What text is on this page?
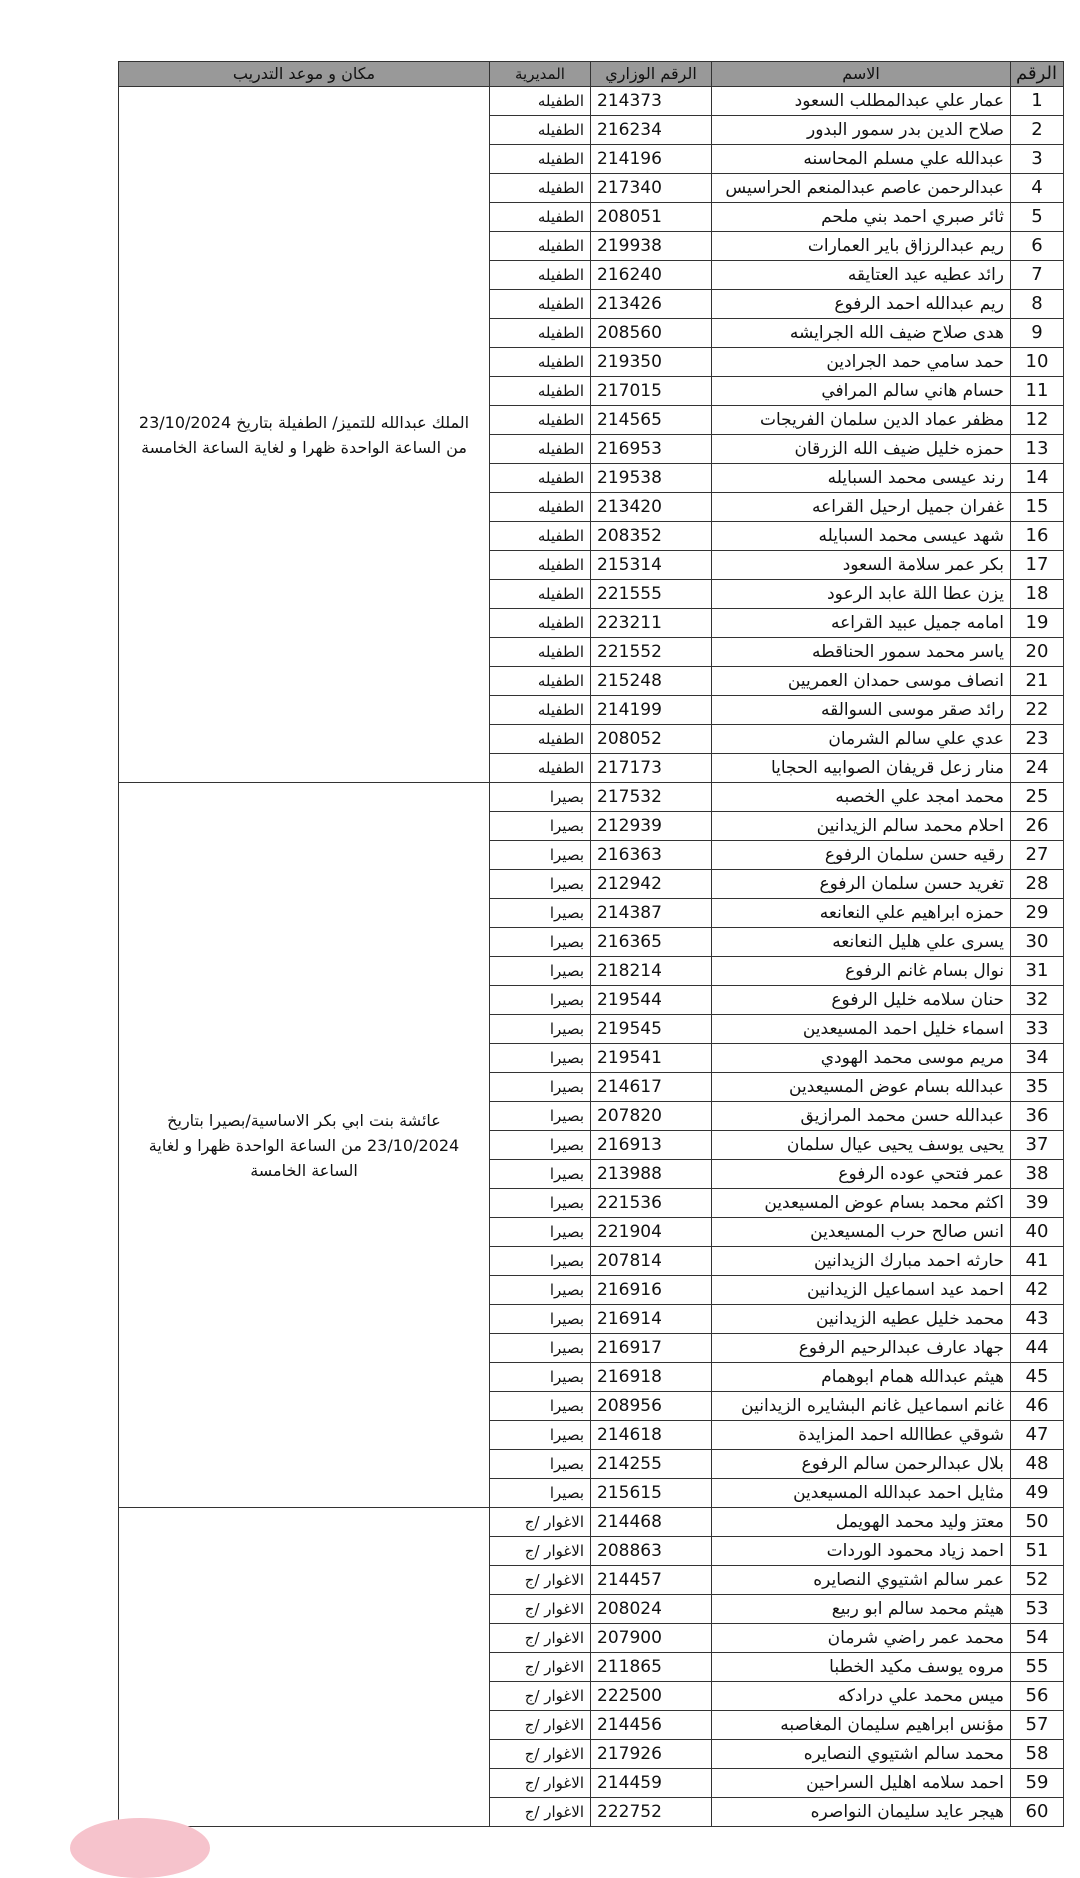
الرقم	الاسم	الرقم الوزاري	المديرية	مكان و موعد التدريب
1	عمار علي عبدالمطلب السعود	214373	الطفيله	الملك عبدالله للتميز/ الطفيلة بتاريخ 23/10/2024 من الساعة الواحدة ظهرا و لغاية الساعة الخامسة
2	صلاح الدين بدر سمور البدور	216234	الطفيله	
3	عبدالله علي مسلم المحاسنه	214196	الطفيله	
4	عبدالرحمن عاصم عبدالمنعم الحراسيس	217340	الطفيله	
5	ثائر صبري احمد بني ملحم	208051	الطفيله	
6	ريم عبدالرزاق باير العمارات	219938	الطفيله	
7	رائد عطيه عيد العتايقه	216240	الطفيله	
8	ريم عبدالله احمد الرفوع	213426	الطفيله	
9	هدى صلاح ضيف الله الجرايشه	208560	الطفيله	
10	حمد سامي حمد الجرادين	219350	الطفيله	
11	حسام هاني سالم المرافي	217015	الطفيله	
12	مظفر عماد الدين سلمان الفريجات	214565	الطفيله	
13	حمزه خليل ضيف الله الزرقان	216953	الطفيله	
14	رند عيسى محمد السبايله	219538	الطفيله	
15	غفران جميل ارحيل القراعه	213420	الطفيله	
16	شهد عيسى محمد السبايله	208352	الطفيله	
17	بكر عمر سلامة السعود	215314	الطفيله	
18	يزن عطا اللة عابد الرعود	221555	الطفيله	
19	امامه جميل عبيد القراعه	223211	الطفيله	
20	ياسر محمد سمور الحناقطه	221552	الطفيله	
21	انصاف موسى حمدان العمريين	215248	الطفيله	
22	رائد صقر موسى السوالقه	214199	الطفيله	
23	عدي علي سالم الشرمان	208052	الطفيله	
24	منار زعل قريفان الصوابيه الحجايا	217173	الطفيله	
25	محمد امجد علي الخصبه	217532	بصيرا	عائشة بنت ابي بكر الاساسية/بصيرا بتاريخ 23/10/2024 من الساعة الواحدة ظهرا و لغاية الساعة الخامسة
26	احلام محمد سالم الزيدانين	212939	بصيرا	
27	رقيه حسن سلمان الرفوع	216363	بصيرا	
28	تغريد حسن سلمان الرفوع	212942	بصيرا	
29	حمزه ابراهيم علي النعانعه	214387	بصيرا	
30	يسرى علي هليل النعانعه	216365	بصيرا	
31	نوال بسام غانم الرفوع	218214	بصيرا	
32	حنان سلامه خليل الرفوع	219544	بصيرا	
33	اسماء خليل احمد المسيعدين	219545	بصيرا	
34	مريم موسى محمد الهودي	219541	بصيرا	
35	عبدالله بسام عوض المسيعدين	214617	بصيرا	
36	عبدالله حسن محمد المرازيق	207820	بصيرا	
37	يحيى يوسف يحيى عيال سلمان	216913	بصيرا	
38	عمر فتحي عوده الرفوع	213988	بصيرا	
39	اكثم محمد بسام عوض المسيعدين	221536	بصيرا	
40	انس صالح حرب المسيعدين	221904	بصيرا	
41	حارثه احمد مبارك الزيدانين	207814	بصيرا	
42	احمد عيد اسماعيل الزيدانين	216916	بصيرا	
43	محمد خليل عطيه الزيدانين	216914	بصيرا	
44	جهاد عارف عبدالرحيم الرفوع	216917	بصيرا	
45	هيثم عبدالله همام ابوهمام	216918	بصيرا	
46	غانم اسماعيل غانم البشايره الزيدانين	208956	بصيرا	
47	شوقي عطاالله احمد المزايدة	214618	بصيرا	
48	بلال عبدالرحمن سالم الرفوع	214255	بصيرا	
49	مثايل احمد عبدالله المسيعدين	215615	بصيرا	
50	معتز وليد محمد الهويمل	214468	الاغوار /ج	
51	احمد زياد محمود الوردات	208863	الاغوار /ج	
52	عمر سالم اشتيوي النصايره	214457	الاغوار /ج	
53	هيثم محمد سالم ابو ربيع	208024	الاغوار /ج	
54	محمد عمر راضي شرمان	207900	الاغوار /ج	
55	مروه يوسف مكيد الخطبا	211865	الاغوار /ج	
56	ميس محمد علي درادكه	222500	الاغوار /ج	
57	مؤنس ابراهيم سليمان المغاصبه	214456	الاغوار /ج	
58	محمد سالم اشتيوي النصايره	217926	الاغوار /ج	
59	احمد سلامه اهليل السراحين	214459	الاغوار /ج	
60	هيجر عايد سليمان النواصره	222752	الاغوار /ج	
